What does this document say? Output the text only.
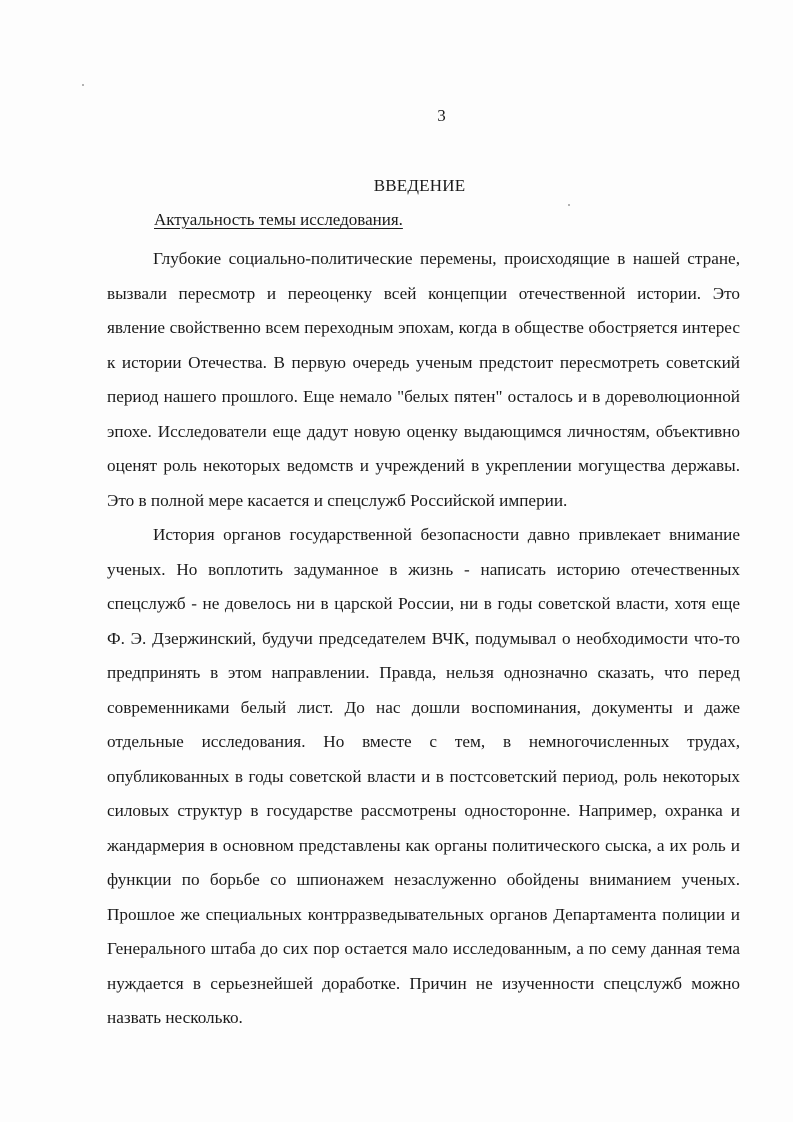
3
ВВЕДЕНИЕ
Актуальность темы исследования.

Глубокие социально-политические перемены, происходящие в нашей стране, вызвали пересмотр и переоценку всей концепции отечественной истории. Это явление свойственно всем переходным эпохам, когда в обществе обостряется интерес к истории Отечества. В первую очередь ученым предстоит пересмотреть советский период нашего прошлого. Еще немало "белых пятен" осталось и в дореволюционной эпохе. Исследователи еще дадут новую оценку выдающимся личностям, объективно оценят роль некоторых ведомств и учреждений в укреплении могущества державы. Это в полной мере касается и спецслужб Российской империи.

История органов государственной безопасности давно привлекает внимание ученых. Но воплотить задуманное в жизнь - написать историю отечественных спецслужб - не довелось ни в царской России, ни в годы советской власти, хотя еще Ф. Э. Дзержинский, будучи председателем ВЧК, подумывал о необходимости что-то предпринять в этом направлении. Правда, нельзя однозначно сказать, что перед современниками белый лист. До нас дошли воспоминания, документы и даже отдельные исследования. Но вместе с тем, в немногочисленных трудах, опубликованных в годы советской власти и в постсоветский период, роль некоторых силовых структур в государстве рассмотрены односторонне. Например, охранка и жандармерия в основном представлены как органы политического сыска, а их роль и функции по борьбе со шпионажем незаслуженно обойдены вниманием ученых. Прошлое же специальных контрразведывательных органов Департамента полиции и Генерального штаба до сих пор остается мало исследованным, а по сему данная тема нуждается в серьезнейшей доработке. Причин не изученности спецслужб можно назвать несколько.
